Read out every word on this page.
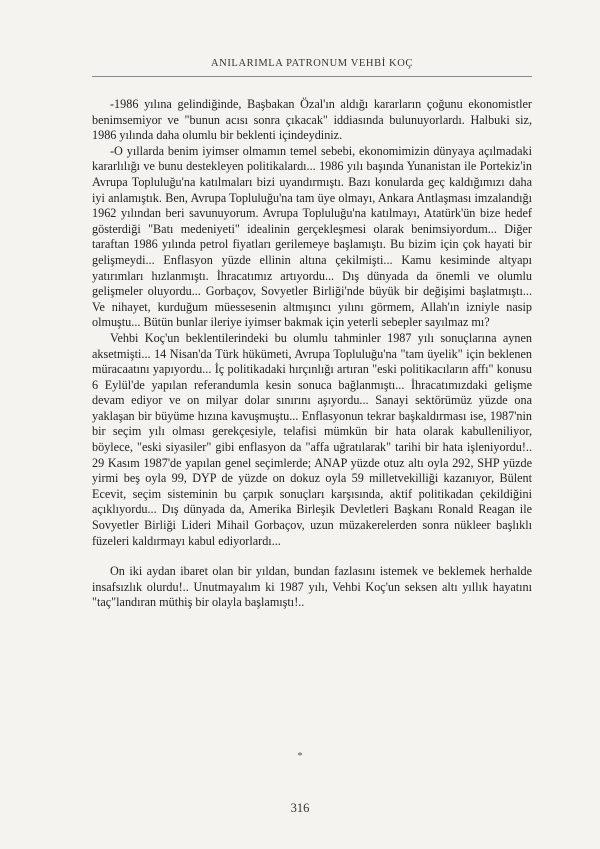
ANILARIMLA PATRONUM VEHBİ KOÇ

-1986 yılına gelindiğinde, Başbakan Özal'ın aldığı kararların çoğunu ekonomistler benimsemiyor ve "bunun acısı sonra çıkacak" iddiasında bulunuyorlardı. Halbuki siz, 1986 yılında daha olumlu bir beklenti içindeydiniz.

-O yıllarda benim iyimser olmamın temel sebebi, ekonomimizin dünyaya açılmadaki kararlılığı ve bunu destekleyen politikalardı... 1986 yılı başında Yunanistan ile Portekiz'in Avrupa Topluluğu'na katılmaları bizi uyandırmıştı. Bazı konularda geç kaldığımızı daha iyi anlamıştık. Ben, Avrupa Topluluğu'na tam üye olmayı, Ankara Antlaşması imzalandığı 1962 yılından beri savunuyorum. Avrupa Topluluğu'na katılmayı, Atatürk'ün bize hedef gösterdiği "Batı medeniyeti" idealinin gerçekleşmesi olarak benimsiyordum... Diğer taraftan 1986 yılında petrol fiyatları gerilemeye başlamıştı. Bu bizim için çok hayati bir gelişmeydi... Enflasyon yüzde ellinin altına çekilmişti... Kamu kesiminde altyapı yatırımları hızlanmıştı. İhracatımız artıyordu... Dış dünyada da önemli ve olumlu gelişmeler oluyordu... Gorbaçov, Sovyetler Birliği'nde büyük bir değişimi başlatmıştı... Ve nihayet, kurduğum müessesenin altmışıncı yılını görmem, Allah'ın izniyle nasip olmuştu... Bütün bunlar ileriye iyimser bakmak için yeterli sebepler sayılmaz mı?

Vehbi Koç'un beklentilerindeki bu olumlu tahminler 1987 yılı sonuçlarına aynen aksetmişti... 14 Nisan'da Türk hükümeti, Avrupa Topluluğu'na "tam üyelik" için beklenen müracaatını yapıyordu... İç politikadaki hırçınlığı artıran "eski politikacıların affı" konusu 6 Eylül'de yapılan referandumla kesin sonuca bağlanmıştı... İhracatımızdaki gelişme devam ediyor ve on milyar dolar sınırını aşıyordu... Sanayi sektörümüz yüzde ona yaklaşan bir büyüme hızına kavuşmuştu... Enflasyonun tekrar başkaldırması ise, 1987'nin bir seçim yılı olması gerekçesiyle, telafisi mümkün bir hata olarak kabulleniliyor, böylece, "eski siyasiler" gibi enflasyon da "affa uğratılarak" tarihi bir hata işleniyordu!.. 29 Kasım 1987'de yapılan genel seçimlerde; ANAP yüzde otuz altı oyla 292, SHP yüzde yirmi beş oyla 99, DYP de yüzde on dokuz oyla 59 milletvekilliği kazanıyor, Bülent Ecevit, seçim sisteminin bu çarpık sonuçları karşısında, aktif politikadan çekildiğini açıklıyordu... Dış dünyada da, Amerika Birleşik Devletleri Başkanı Ronald Reagan ile Sovyetler Birliği Lideri Mihail Gorbaçov, uzun müzakerelerden sonra nükleer başlıklı füzeleri kaldırmayı kabul ediyorlardı...

On iki aydan ibaret olan bir yıldan, bundan fazlasını istemek ve beklemek herhalde insafsızlık olurdu!.. Unutmayalım ki 1987 yılı, Vehbi Koç'un seksen altı yıllık hayatını "taç"landıran müthiş bir olayla başlamıştı!..

*
316
